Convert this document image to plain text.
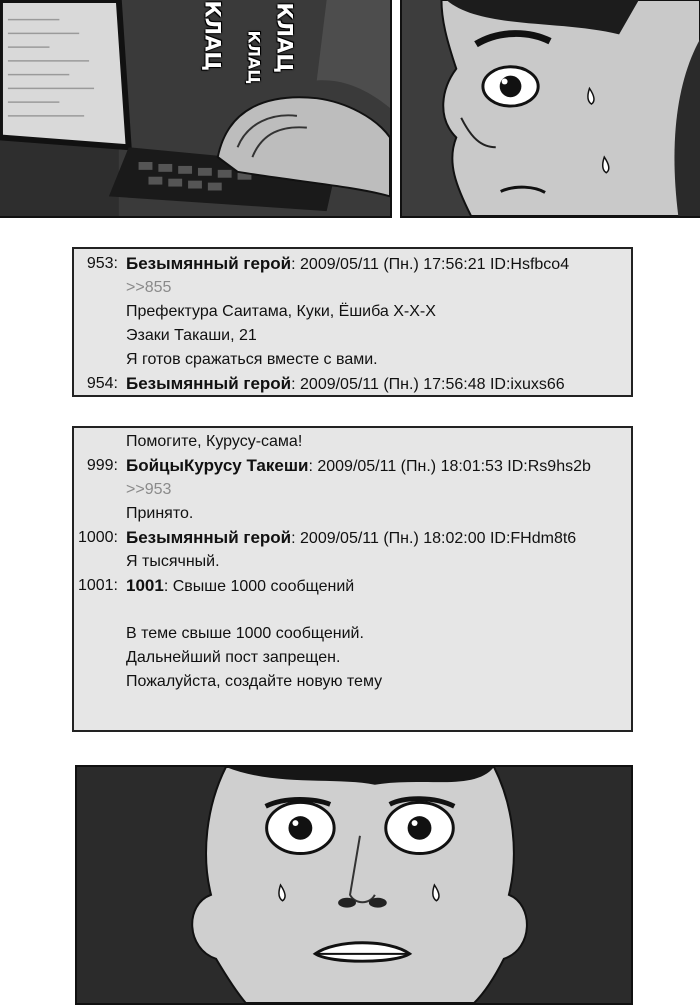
953: Безымянный герой: 2009/05/11 (Пн.) 17:56:21 ID:Hsfbco4
>>855
Префектура Саитама, Куки, Ёшиба Х-Х-Х
Эзаки Такаши, 21
Я готов сражаться вместе с вами.
954: Безымянный герой: 2009/05/11 (Пн.) 17:56:48 ID:ixuxs66
Помогите, Курусу-сама!
999: БойцыКурусу Такеши: 2009/05/11 (Пн.) 18:01:53 ID:Rs9hs2b
>>953
Принято.
1000: Безымянный герой: 2009/05/11 (Пн.) 18:02:00 ID:FHdm8t6
Я тысячный.
1001: 1001: Свыше 1000 сообщений
В теме свыше 1000 сообщений.
Дальнейший пост запрещен.
Пожалуйста, создайте новую тему
